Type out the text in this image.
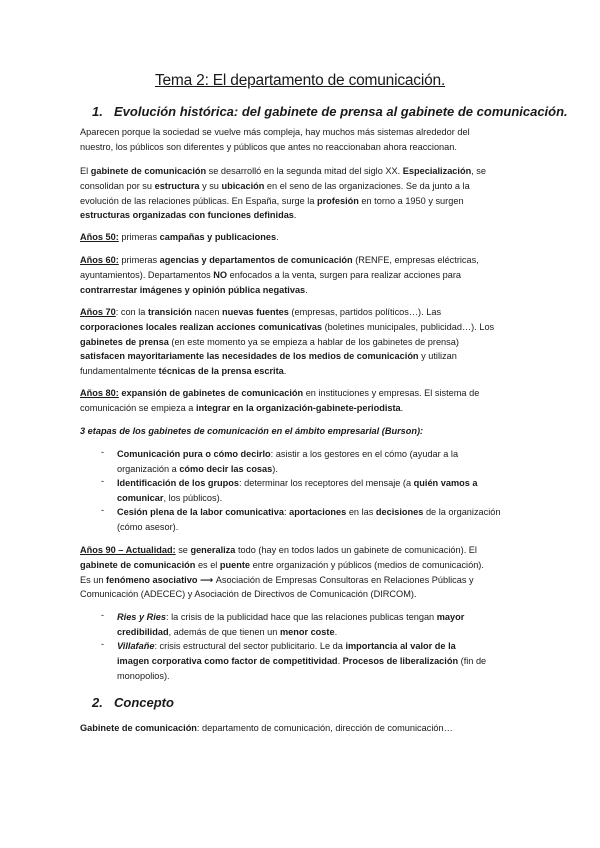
Tema 2: El departamento de comunicación.
1. Evolución histórica: del gabinete de prensa al gabinete de comunicación.
Aparecen porque la sociedad se vuelve más compleja, hay muchos más sistemas alrededor del
nuestro, los públicos son diferentes y públicos que antes no reaccionaban ahora reaccionan.
El gabinete de comunicación se desarrolló en la segunda mitad del siglo XX. Especialización, se
consolidan por su estructura y su ubicación en el seno de las organizaciones. Se da junto a la
evolución de las relaciones públicas. En España, surge la profesión en torno a 1950 y surgen
estructuras organizadas con funciones definidas.
Años 50: primeras campañas y publicaciones.
Años 60: primeras agencias y departamentos de comunicación (RENFE, empresas eléctricas,
ayuntamientos). Departamentos NO enfocados a la venta, surgen para realizar acciones para
contrarrestar imágenes y opinión pública negativas.
Años 70: con la transición nacen nuevas fuentes (empresas, partidos políticos…). Las
corporaciones locales realizan acciones comunicativas (boletines municipales, publicidad…). Los
gabinetes de prensa (en este momento ya se empieza a hablar de los gabinetes de prensa)
satisfacen mayoritariamente las necesidades de los medios de comunicación y utilizan
fundamentalmente técnicas de la prensa escrita.
Años 80: expansión de gabinetes de comunicación en instituciones y empresas. El sistema de
comunicación se empieza a integrar en la organización-gabinete-periodista.
3 etapas de los gabinetes de comunicación en el ámbito empresarial (Burson):
- Comunicación pura o cómo decirlo: asistir a los gestores en el cómo (ayudar a la
organización a cómo decir las cosas).
- Identificación de los grupos: determinar los receptores del mensaje (a quién vamos a
comunicar, los públicos).
- Cesión plena de la labor comunicativa: aportaciones en las decisiones de la organización
(cómo asesor).
Años 90 – Actualidad: se generaliza todo (hay en todos lados un gabinete de comunicación). El
gabinete de comunicación es el puente entre organización y públicos (medios de comunicación).
Es un fenómeno asociativo ⟶ Asociación de Empresas Consultoras en Relaciones Públicas y
Comunicación (ADECEC) y Asociación de Directivos de Comunicación (DIRCOM).
- Ries y Ries: la crisis de la publicidad hace que las relaciones publicas tengan mayor
credibilidad, además de que tienen un menor coste.
- Villafañe: crisis estructural del sector publicitario. Le da importancia al valor de la
imagen corporativa como factor de competitividad. Procesos de liberalización (fin de
monopolios).
2. Concepto
Gabinete de comunicación: departamento de comunicación, dirección de comunicación…
